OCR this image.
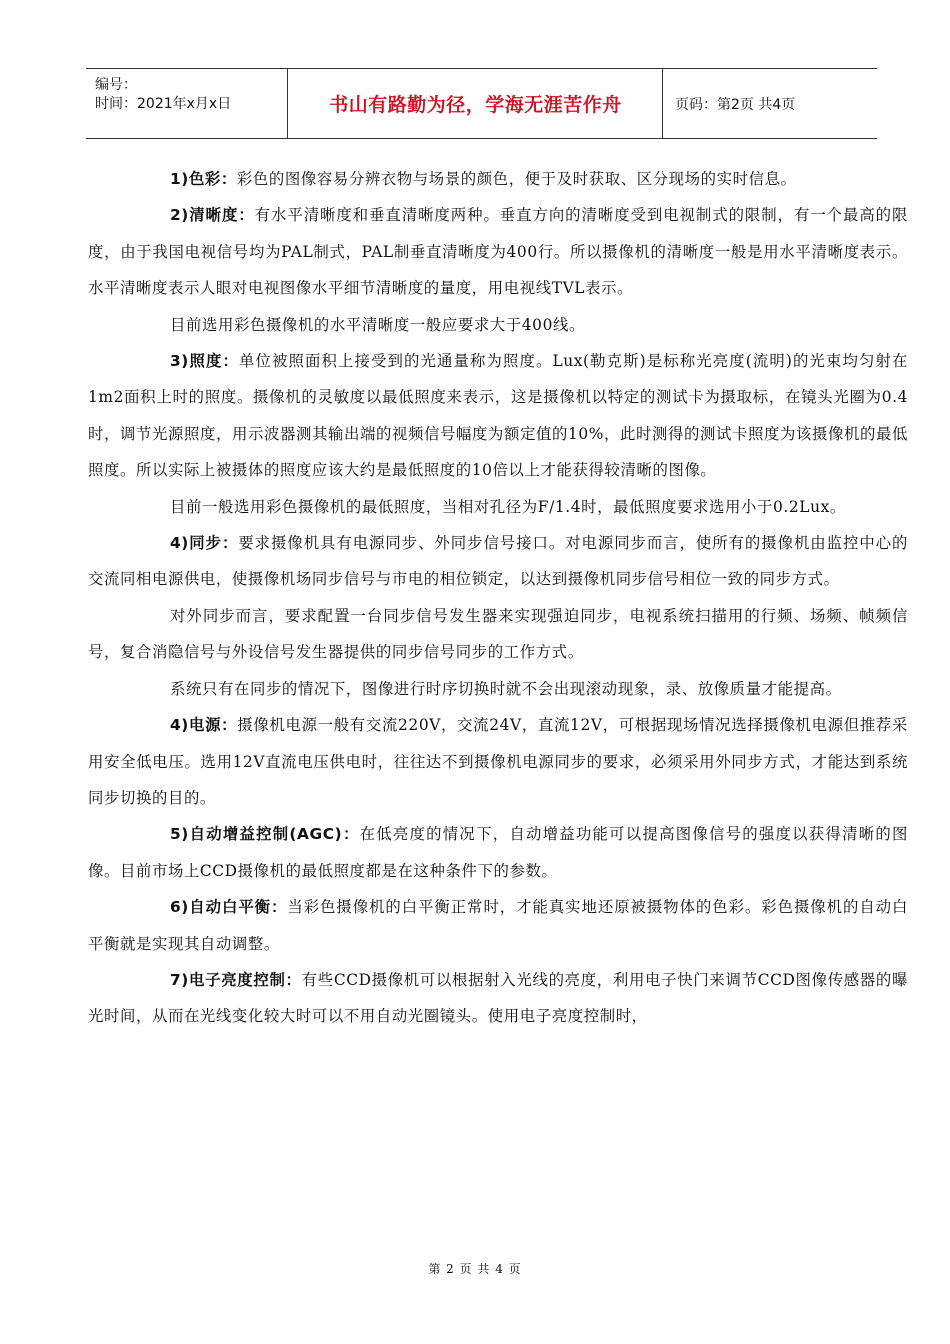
编号：
时间：2021年x月x日	书山有路勤为径，学海无涯苦作舟	页码：第2页 共4页

1)色彩：彩色的图像容易分辨衣物与场景的颜色，便于及时获取、区分现场的实时信息。

2)清晰度：有水平清晰度和垂直清晰度两种。垂直方向的清晰度受到电视制式的限制，有一个最高的限度，由于我国电视信号均为PAL制式，PAL制垂直清晰度为400行。所以摄像机的清晰度一般是用水平清晰度表示。水平清晰度表示人眼对电视图像水平细节清晰度的量度，用电视线TVL表示。

目前选用彩色摄像机的水平清晰度一般应要求大于400线。

3)照度：单位被照面积上接受到的光通量称为照度。Lux(勒克斯)是标称光亮度(流明)的光束均匀射在1m2面积上时的照度。摄像机的灵敏度以最低照度来表示，这是摄像机以特定的测试卡为摄取标，在镜头光圈为0.4时，调节光源照度，用示波器测其输出端的视频信号幅度为额定值的10%，此时测得的测试卡照度为该摄像机的最低照度。所以实际上被摄体的照度应该大约是最低照度的10倍以上才能获得较清晰的图像。

目前一般选用彩色摄像机的最低照度，当相对孔径为F/1.4时，最低照度要求选用小于0.2Lux。

4)同步：要求摄像机具有电源同步、外同步信号接口。对电源同步而言，使所有的摄像机由监控中心的交流同相电源供电，使摄像机场同步信号与市电的相位锁定，以达到摄像机同步信号相位一致的同步方式。

对外同步而言，要求配置一台同步信号发生器来实现强迫同步，电视系统扫描用的行频、场频、帧频信号，复合消隐信号与外设信号发生器提供的同步信号同步的工作方式。

系统只有在同步的情况下，图像进行时序切换时就不会出现滚动现象，录、放像质量才能提高。

4)电源：摄像机电源一般有交流220V，交流24V，直流12V，可根据现场情况选择摄像机电源但推荐采用安全低电压。选用12V直流电压供电时，往往达不到摄像机电源同步的要求，必须采用外同步方式，才能达到系统同步切换的目的。

5)自动增益控制(AGC)：在低亮度的情况下，自动增益功能可以提高图像信号的强度以获得清晰的图像。目前市场上CCD摄像机的最低照度都是在这种条件下的参数。

6)自动白平衡：当彩色摄像机的白平衡正常时，才能真实地还原被摄物体的色彩。彩色摄像机的自动白平衡就是实现其自动调整。

7)电子亮度控制：有些CCD摄像机可以根据射入光线的亮度，利用电子快门来调节CCD图像传感器的曝光时间，从而在光线变化较大时可以不用自动光圈镜头。使用电子亮度控制时，

第 2 页 共 4 页
